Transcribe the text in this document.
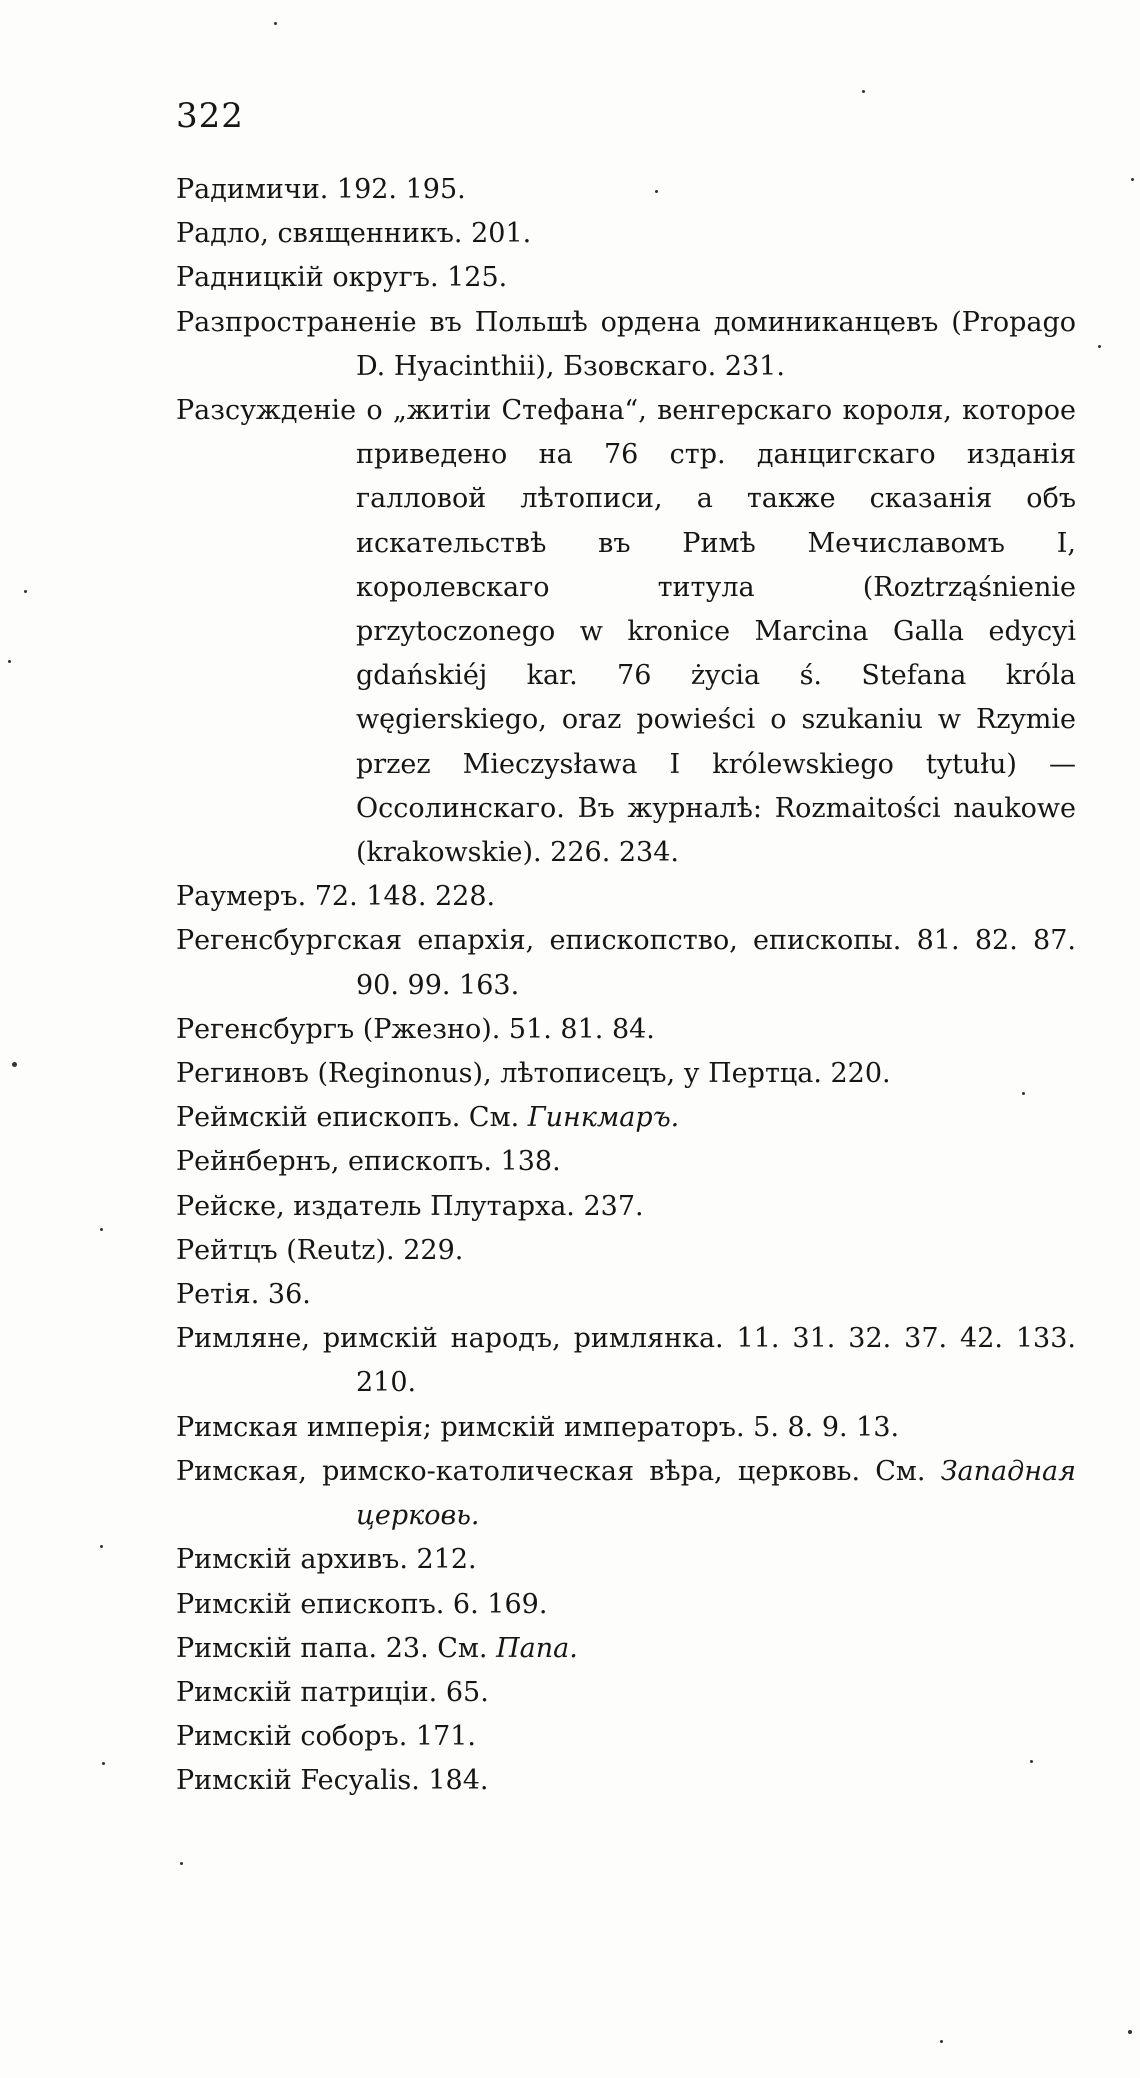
322
Радимичи. 192. 195.
Радло, священникъ. 201.
Радницкій округъ. 125.
Разпространеніе въ Польшѣ ордена доминиканцевъ (Propago D. Hyacinthii), Бзовскаго. 231.
Разсужденіе о „житіи Стефана“, венгерскаго короля, которое приведено на 76 стр. данцигскаго изданія галловой лѣтописи, а также сказанія объ искательствѣ въ Римѣ Мечиславомъ I, королевскаго титула (Roztrząśnienie przytoczonego w kronice Marcina Galla edycyi gdańskiéj kar. 76 życia ś. Stefana króla węgierskiego, oraz powieści o szukaniu w Rzymie przez Mieczysława I królewskiego tytułu) — Оссолинскаго. Въ журналѣ: Rozmaitości naukowe (krakowskie). 226. 234.
Раумеръ. 72. 148. 228.
Регенсбургская епархія, епископство, епископы. 81. 82. 87. 90. 99. 163.
Регенсбургъ (Ржезно). 51. 81. 84.
Региновъ (Reginonus), лѣтописецъ, у Пертца. 220.
Реймскій епископъ. См. Гинкмаръ.
Рейнбернъ, епископъ. 138.
Рейске, издатель Плутарха. 237.
Рейтцъ (Reutz). 229.
Ретія. 36.
Римляне, римскій народъ, римлянка. 11. 31. 32. 37. 42. 133. 210.
Римская имперія; римскій императоръ. 5. 8. 9. 13.
Римская, римско-католическая вѣра, церковь. См. Западная церковь.
Римскій архивъ. 212.
Римскій епископъ. 6. 169.
Римскій папа. 23. См. Папа.
Римскій патриціи. 65.
Римскій соборъ. 171.
Римскій Fecyalis. 184.
